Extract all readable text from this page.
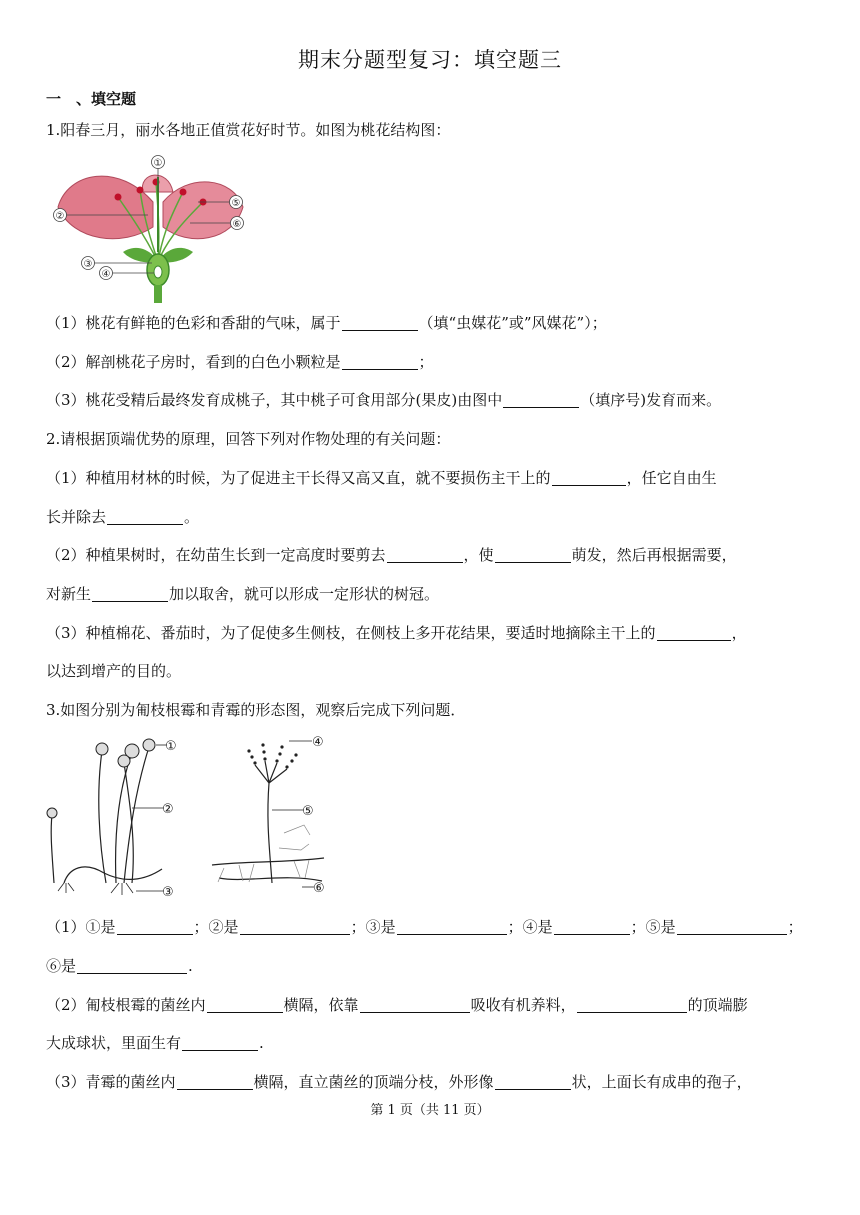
期末分题型复习：填空题三
一　、填空题
1.阳春三月，丽水各地正值赏花好时节。如图为桃花结构图：
①
②
③
④
⑤
⑥
（1）桃花有鲜艳的色彩和香甜的气味，属于	（填“虫媒花”或”风媒花”）；
（2）解剖桃花子房时，看到的白色小颗粒是	；
（3）桃花受精后最终发育成桃子，其中桃子可食用部分(果皮)由图中	（填序号)发育而来。
2.请根据顶端优势的原理，回答下列对作物处理的有关问题：
（1）种植用材林的时候，为了促进主干长得又高又直，就不要损伤主干上的	，任它自由生
长并除去	。
（2）种植果树时，在幼苗生长到一定高度时要剪去	，使	萌发，然后再根据需要，
对新生	加以取舍，就可以形成一定形状的树冠。
（3）种植棉花、番茄时，为了促使多生侧枝，在侧枝上多开花结果，要适时地摘除主干上的	，
以达到增产的目的。
3.如图分别为匍枝根霉和青霉的形态图，观察后完成下列问题．
①
②
③
④
⑤
⑥
（1）①是	；②是	；③是	；④是	；⑤是	；
⑥是	.
（2）匍枝根霉的菌丝内	横隔，依靠	吸收有机养料，	的顶端膨
大成球状，里面生有	.
（3）青霉的菌丝内	横隔，直立菌丝的顶端分枝，外形像	状，上面长有成串的孢子，
第 1 页（共 11 页）
